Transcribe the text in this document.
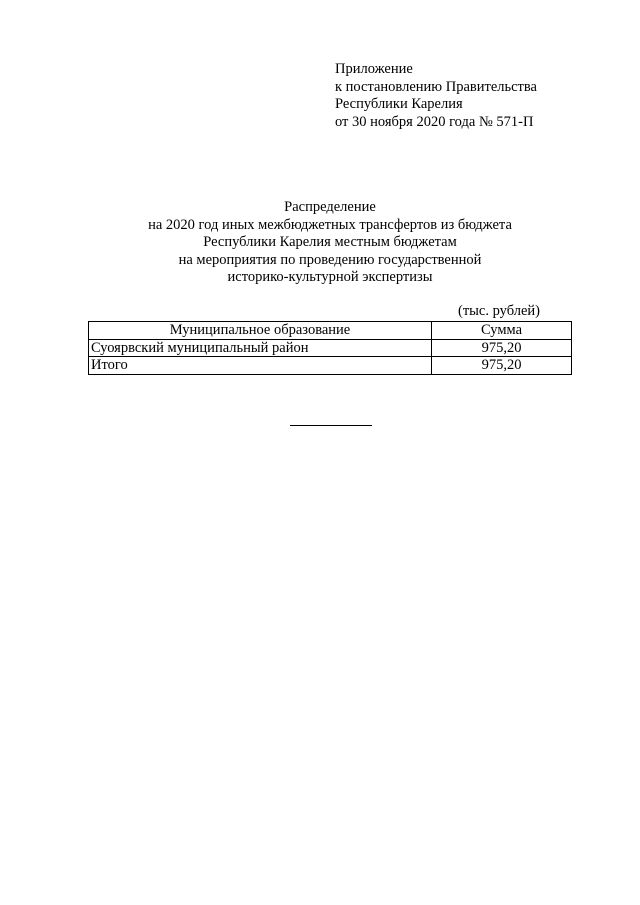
Приложение
к постановлению Правительства
Республики Карелия
от 30 ноября 2020 года № 571-П
Распределение
на 2020 год иных межбюджетных трансфертов из бюджета
Республики Карелия местным бюджетам
на мероприятия по проведению государственной
историко-культурной экспертизы
(тыс. рублей)
Муниципальное образование	Сумма
Суоярвский муниципальный район	975,20
Итого	975,20
